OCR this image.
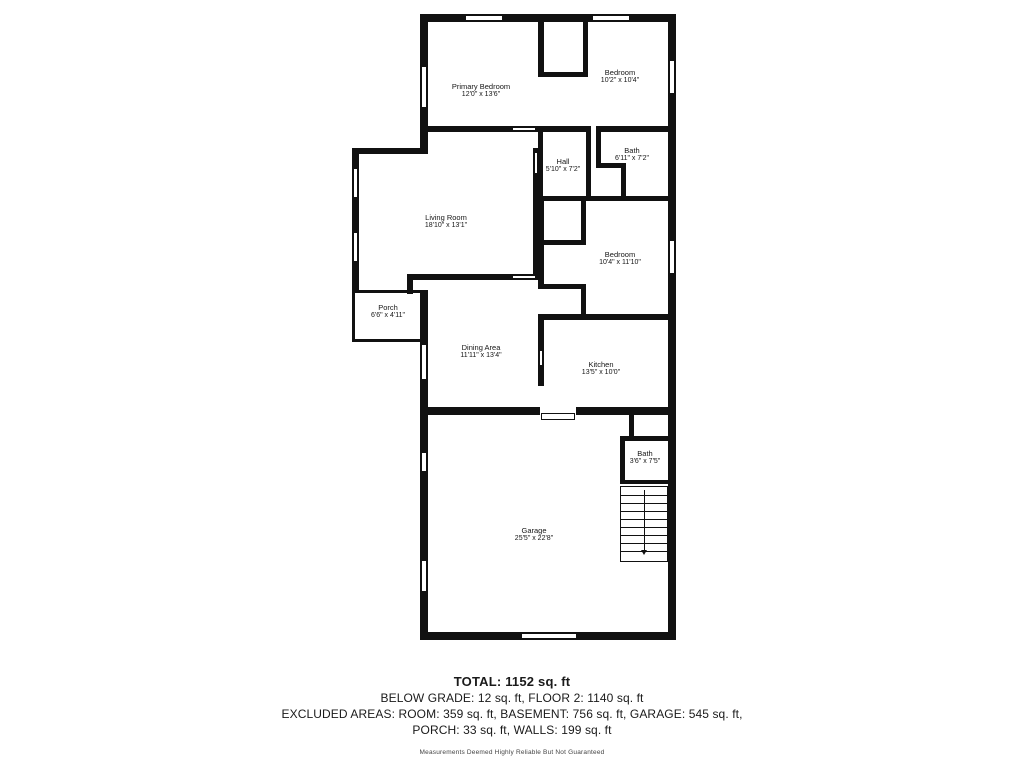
Primary Bedroom
12'0" x 13'6"
Bedroom
10'2" x 10'4"
Bath
6'11" x 7'2"
Hall
5'10" x 7'2"
Living Room
18'10" x 13'1"
Bedroom
10'4" x 11'10"
Porch
6'6" x 4'11"
Dining Area
11'11" x 13'4"
Kitchen
13'5" x 10'0"
Bath
3'6" x 7'5"
Garage
25'5" x 22'8"
TOTAL: 1152 sq. ft
BELOW GRADE: 12 sq. ft, FLOOR 2: 1140 sq. ft
EXCLUDED AREAS: ROOM: 359 sq. ft, BASEMENT: 756 sq. ft, GARAGE: 545 sq. ft,
PORCH: 33 sq. ft, WALLS: 199 sq. ft
Measurements Deemed Highly Reliable But Not Guaranteed
